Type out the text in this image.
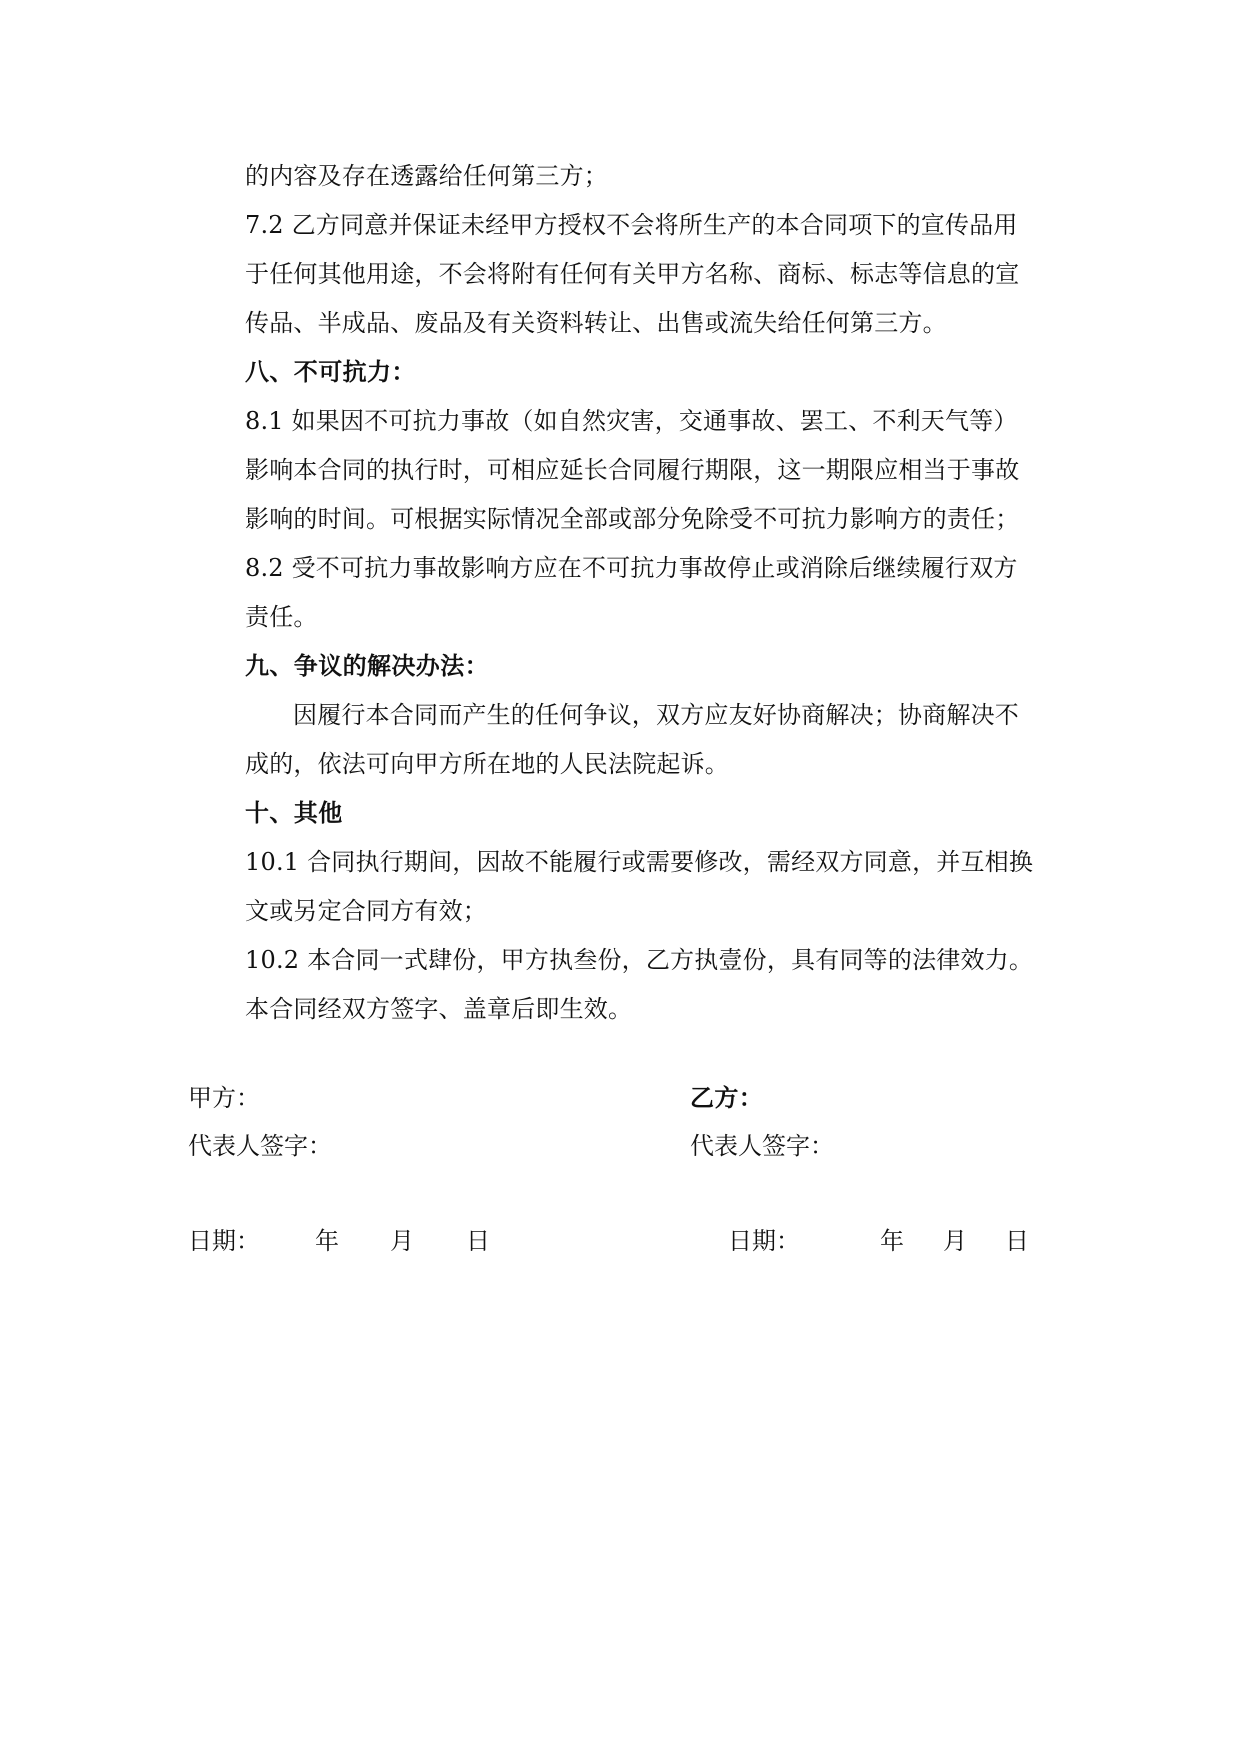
的内容及存在透露给任何第三方；
7.2 乙方同意并保证未经甲方授权不会将所生产的本合同项下的宣传品用
于任何其他用途，不会将附有任何有关甲方名称、商标、标志等信息的宣
传品、半成品、废品及有关资料转让、出售或流失给任何第三方。
八、不可抗力：
8.1 如果因不可抗力事故（如自然灾害，交通事故、罢工、不利天气等）
影响本合同的执行时，可相应延长合同履行期限，这一期限应相当于事故
影响的时间。可根据实际情况全部或部分免除受不可抗力影响方的责任；
8.2 受不可抗力事故影响方应在不可抗力事故停止或消除后继续履行双方
责任。
九、争议的解决办法：
因履行本合同而产生的任何争议，双方应友好协商解决；协商解决不
成的，依法可向甲方所在地的人民法院起诉。
十、其他
10.1 合同执行期间，因故不能履行或需要修改，需经双方同意，并互相换
文或另定合同方有效；
10.2 本合同一式肆份，甲方执叁份，乙方执壹份，具有同等的法律效力。
本合同经双方签字、盖章后即生效。
甲方：	乙方：
代表人签字：	代表人签字：
日期： 年 月 日	日期：	年 月 日
